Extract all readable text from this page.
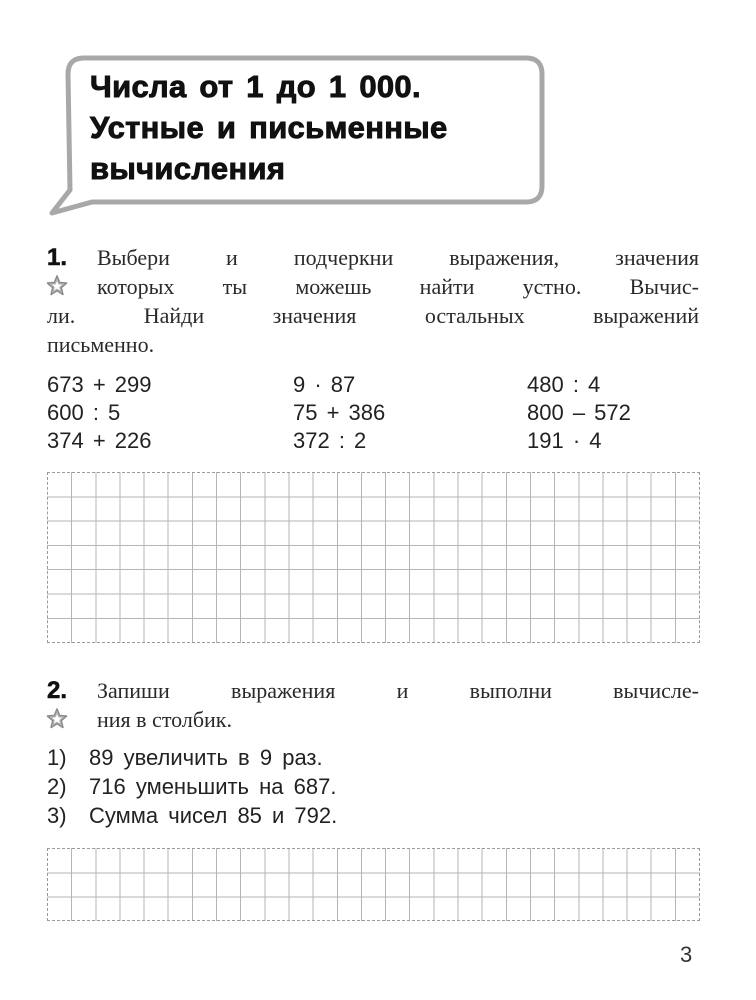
Числа от 1 до 1 000.
Устные и письменные
вычисления
1.	Выбери и подчеркни выражения, значения
которых ты можешь найти устно. Вычис-
ли. Найди значения остальных выражений
письменно.
673 + 299
600 : 5
374 + 226
9 · 87
75 + 386
372 : 2
480 : 4
800 – 572
191 · 4
2.	Запиши выражения и выполни вычисле-
ния в столбик.
1) 89 увеличить в 9 раз.
2) 716 уменьшить на 687.
3) Сумма чисел 85 и 792.
3
